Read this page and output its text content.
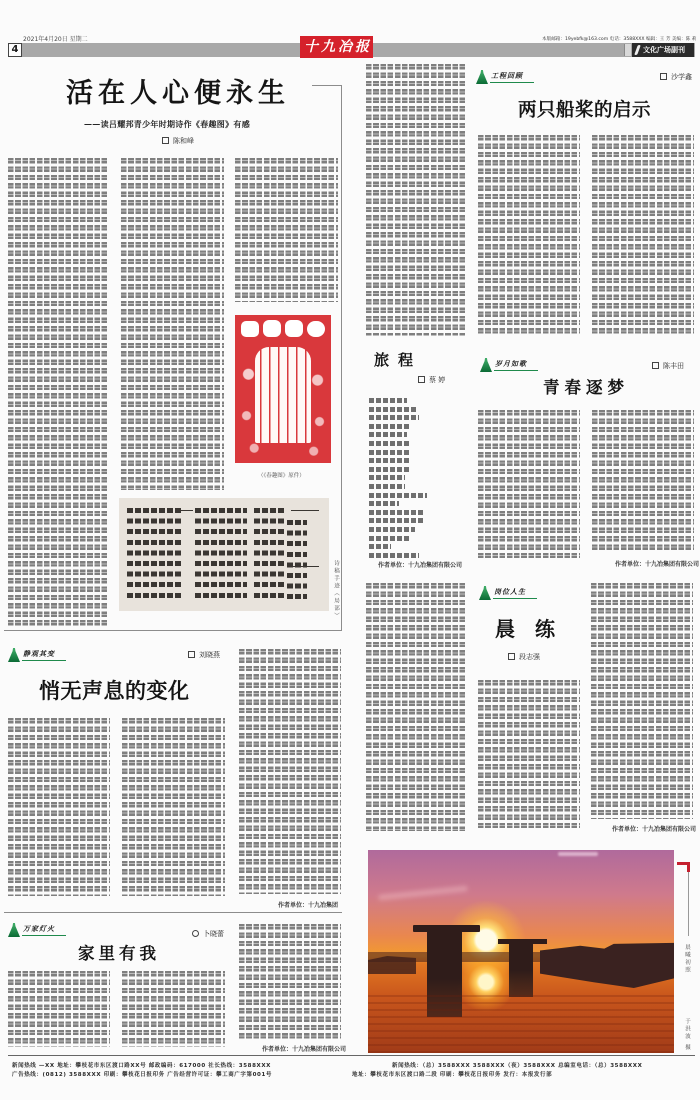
2021年4月20日 星期二
4	十九冶报	本版邮箱：19yebfk@163.com 电话：3588XXX 编辑：王 芳 美编：陈 莉
文化广场副刊
活在人心便永生
——读吕耀邦青少年时期诗作《春趣图》有感
陈和峰
（《春趣图》原件）
诗稿手迹（局部）
旅程
蔡 婷
作者单位：十九冶集团有限公司
工程回顾	沙学鑫
两只船桨的启示
岁月如歌	陈丰田
青春逐梦
作者单位：十九冶集团有限公司
岗位人生
晨练
段志强
作者单位：十九冶集团有限公司
静观其变	刘晓燕
悄无声息的变化
作者单位：十九冶集团
万家灯火
卜晓蕾
家里有我
作者单位：十九冶集团有限公司
晨曦初照
于洪波 摄
新闻热线 —XX 地址：攀枝花市东区渡口路XX号 邮政编码：617000 社长热线：3588XXX
广告热线：(0812) 3588XXX 印刷：攀枝花日报印务 广告经营许可证：攀工商广字第001号
新闻热线：（总）3588XXX 3588XXX（夜）3588XXX 总编室电话：（总）3588XXX
地址：攀枝花市东区渡口路二段 印刷：攀枝花日报印务 发行：本报发行部
